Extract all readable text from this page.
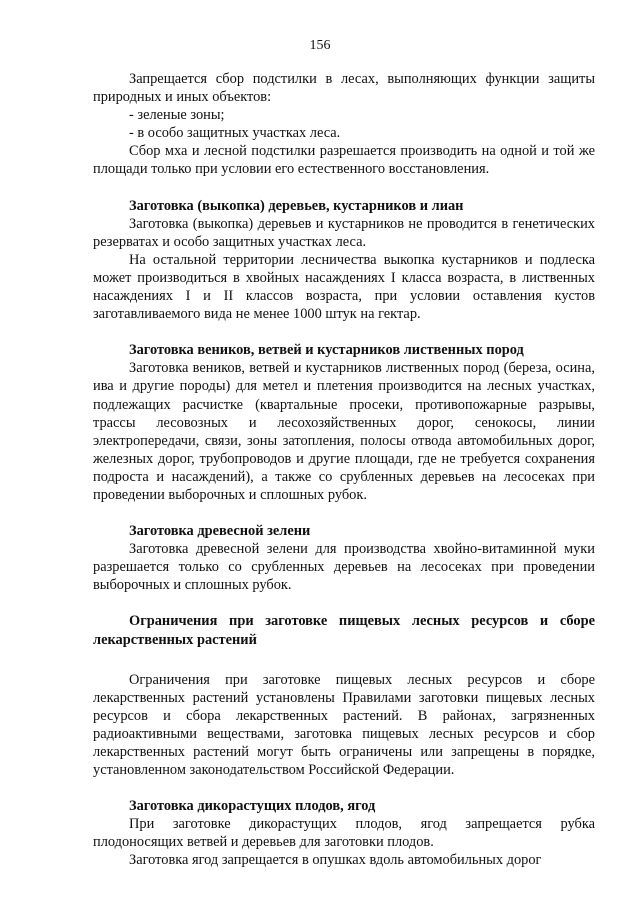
156

Запрещается сбор подстилки в лесах, выполняющих функции защиты природных и иных объектов:

- зеленые зоны;

- в особо защитных участках леса.

Сбор мха и лесной подстилки разрешается производить на одной и той же площади только при условии его естественного восстановления.

Заготовка (выкопка) деревьев, кустарников и лиан

Заготовка (выкопка) деревьев и кустарников не проводится в генетических резерватах и особо защитных участках леса.

На остальной территории лесничества выкопка кустарников и подлеска может производиться в хвойных насаждениях I класса возраста, в лиственных насаждениях I и II классов возраста, при условии оставления кустов заготавливаемого вида не менее 1000 штук на гектар.

Заготовка веников, ветвей и кустарников лиственных пород

Заготовка веников, ветвей и кустарников лиственных пород (береза, осина, ива и другие породы) для метел и плетения производится на лесных участках, подлежащих расчистке (квартальные просеки, противопожарные разрывы, трассы лесовозных и лесохозяйственных дорог, сенокосы, линии электропередачи, связи, зоны затопления, полосы отвода автомобильных дорог, железных дорог, трубопроводов и другие площади, где не требуется сохранения подроста и насаждений), а также со срубленных деревьев на лесосеках при проведении выборочных и сплошных рубок.

Заготовка древесной зелени

Заготовка древесной зелени для производства хвойно-витаминной муки разрешается только со срубленных деревьев на лесосеках при проведении выборочных и сплошных рубок.

Ограничения при заготовке пищевых лесных ресурсов и сборе лекарственных растений

Ограничения при заготовке пищевых лесных ресурсов и сборе лекарственных растений установлены Правилами заготовки пищевых лесных ресурсов и сбора лекарственных растений. В районах, загрязненных радиоактивными веществами, заготовка пищевых лесных ресурсов и сбор лекарственных растений могут быть ограничены или запрещены в порядке, установленном законодательством Российской Федерации.

Заготовка дикорастущих плодов, ягод

При заготовке дикорастущих плодов, ягод запрещается рубка плодоносящих ветвей и деревьев для заготовки плодов.

Заготовка ягод запрещается в опушках вдоль автомобильных дорог
